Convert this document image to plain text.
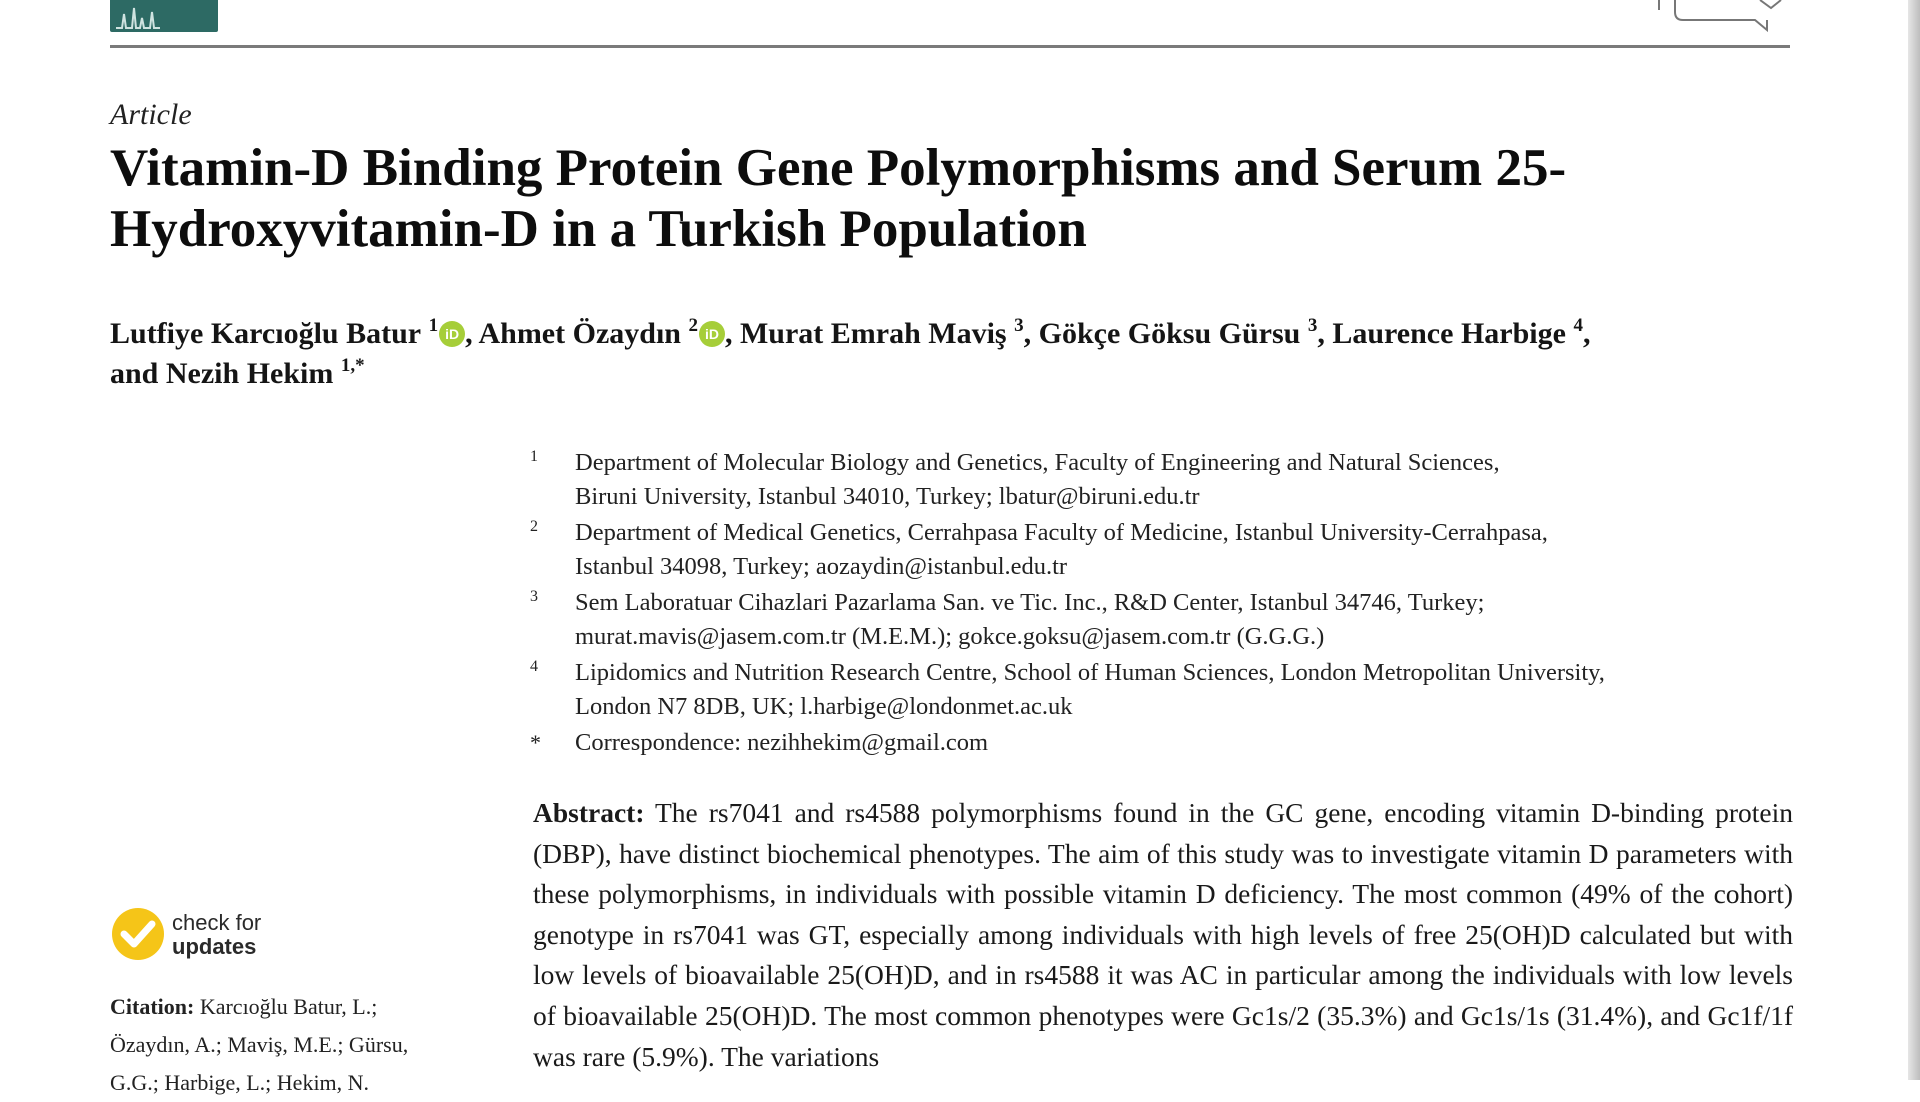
Article
Vitamin-D Binding Protein Gene Polymorphisms and Serum 25-Hydroxyvitamin-D in a Turkish Population
Lutfiye Karcıoğlu Batur $^1$ iD , Ahmet Özaydın $^2$ iD , Murat Emrah Maviş $^3$, Gökçe Göksu Gürsu $^3$, Laurence Harbige $^4$,
and Nezih Hekim $^{1,*}$
1 Department of Molecular Biology and Genetics, Faculty of Engineering and Natural Sciences,
Biruni University, Istanbul 34010, Turkey; lbatur@biruni.edu.tr
2 Department of Medical Genetics, Cerrahpasa Faculty of Medicine, Istanbul University-Cerrahpasa,
Istanbul 34098, Turkey; aozaydin@istanbul.edu.tr
3 Sem Laboratuar Cihazlari Pazarlama San. ve Tic. Inc., R&D Center, Istanbul 34746, Turkey;
murat.mavis@jasem.com.tr (M.E.M.); gokce.goksu@jasem.com.tr (G.G.G.)
4 Lipidomics and Nutrition Research Centre, School of Human Sciences, London Metropolitan University,
London N7 8DB, UK; l.harbige@londonmet.ac.uk
* Correspondence: nezihhekim@gmail.com
Abstract: The rs7041 and rs4588 polymorphisms found in the GC gene, encoding vitamin D-binding protein (DBP), have distinct biochemical phenotypes. The aim of this study was to investigate vitamin D parameters with these polymorphisms, in individuals with possible vitamin D deficiency. The most common (49% of the cohort) genotype in rs7041 was GT, especially among individuals with high levels of free 25(OH)D calculated but with low levels of bioavailable 25(OH)D, and in rs4588 it was AC in particular among the individuals with low levels of bioavailable 25(OH)D. The most common phenotypes were Gc1s/2 (35.3%) and Gc1s/1s (31.4%), and Gc1f/1f was rare (5.9%). The variations
check for
updates
Citation: Karcıoğlu Batur, L.;
Özaydın, A.; Maviş, M.E.; Gürsu,
G.G.; Harbige, L.; Hekim, N.
